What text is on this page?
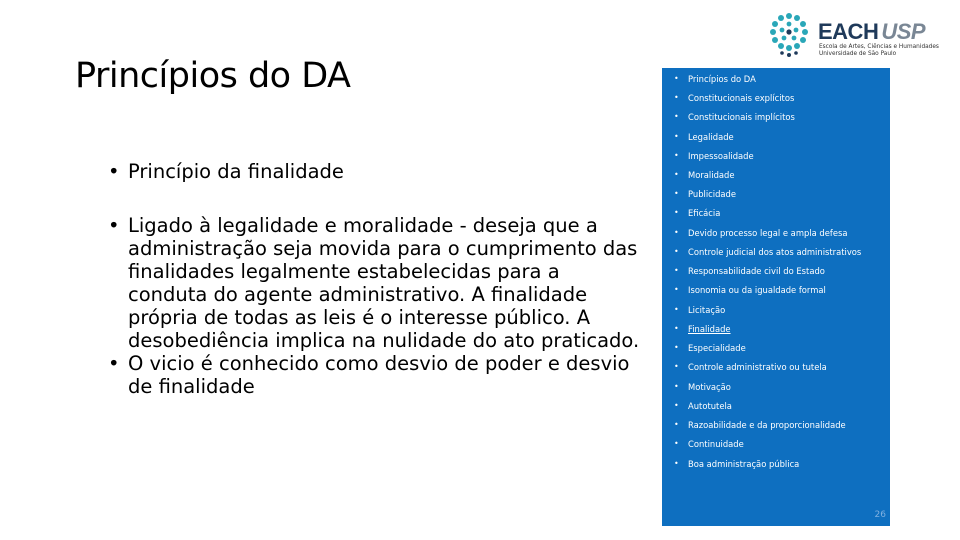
Princípios do DA
• Princípio da finalidade
• Ligado à legalidade e moralidade - deseja que a administração seja movida para o cumprimento das finalidades legalmente estabelecidas para a conduta do agente administrativo. A finalidade própria de todas as leis é o interesse público. A desobediência implica na nulidade do ato praticado.
• O vicio é conhecido como desvio de poder e desvio de finalidade
EACH USP
Escola de Artes, Ciências e Humanidades
Universidade de São Paulo
• Princípios do DA
• Constitucionais explícitos
• Constitucionais implícitos
• Legalidade
• Impessoalidade
• Moralidade
• Publicidade
• Eficácia
• Devido processo legal e ampla defesa
• Controle judicial dos atos administrativos
• Responsabilidade civil do Estado
• Isonomia ou da igualdade formal
• Licitação
• Finalidade
• Especialidade
• Controle administrativo ou tutela
• Motivação
• Autotutela
• Razoabilidade e da proporcionalidade
• Continuidade
• Boa administração pública
26
